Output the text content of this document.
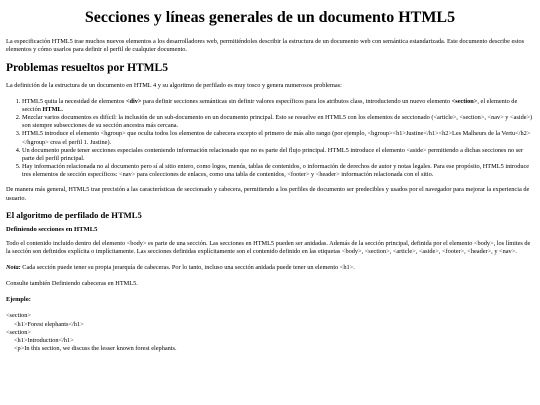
Secciones y líneas generales de un documento HTML5

La especificación HTML5 trae muchos nuevos elementos a los desarrolladores web, permitiéndoles describir la estructura de un documento web con semántica estandarizada. Este documento describe estos elementos y cómo usarlos para definir el perfil de cualquier documento.

Problemas resueltos por HTML5

La definición de la estructura de un documento en HTML 4 y su algoritmo de perfilado es muy tosco y genera numerosos problemas:

1. HTML5 quita la necesidad de elementos <div> para definir secciones semánticas sin definir valores específicos para los atributos class, introduciendo un nuevo elemento <section>, el elemento de sección HTML.
2. Mezclar varios documentos es difícil: la inclusión de un sub-documento en un documento principal. Esto se resuelve en HTML5 con los elementos de seccionado (<article>, <section>, <nav> y <aside>) son siempre subsecciones de su sección ancestra más cercana.
3. HTML5 introduce el elemento <hgroup> que oculta todos los elementos de cabecera excepto el primero de más alto rango (por ejemplo, <hgroup><h1>Justine</h1><h2>Les Malheurs de la Vertu</h2></hgroup> crea el perfil 1. Justine).
4. Un documento puede tener secciones especiales conteniendo información relacionado que no es parte del flujo principal. HTML5 introduce el elemento <aside> permitiendo a dichas secciones no ser parte del perfil principal.
5. Hay información relacionada no al documento pero sí al sitio entero, como logos, menús, tablas de contenidos, o información de derechos de autor y notas legales. Para ese propósito, HTML5 introduce tres elementos de sección específicos: <nav> para colecciones de enlaces, como una tabla de contenidos, <footer> y <header> información relacionada con el sitio.

De manera más general, HTML5 trae precisión a las características de seccionado y cabecera, permitiendo a los perfiles de documento ser predecibles y usados por el navegador para mejorar la experiencia de usuario.

El algoritmo de perfilado de HTML5
Definiendo secciones en HTML5

Todo el contenido incluido dentro del elemento <body> es parte de una sección. Las secciones en HTML5 pueden ser anidadas. Además de la sección principal, definida por el elemento <body>, los límites de la sección son definidos explícita o implícitamente. Las secciones definidas explícitamente son el contenido definido en las etiquetas <body>, <section>, <article>, <aside>, <footer>, <header>, y <nav>.

Nota: Cada sección puede tener su propia jerarquía de cabeceras. Por lo tanto, incluso una sección anidada puede tener un elemento <h1>.

Consulte también Definiendo cabeceras en HTML5.

Ejemplo:

<section>
<h1>Forest elephants</h1>
<section>
<h1>Introduction</h1>
<p>In this section, we discuss the lesser known forest elephants.
